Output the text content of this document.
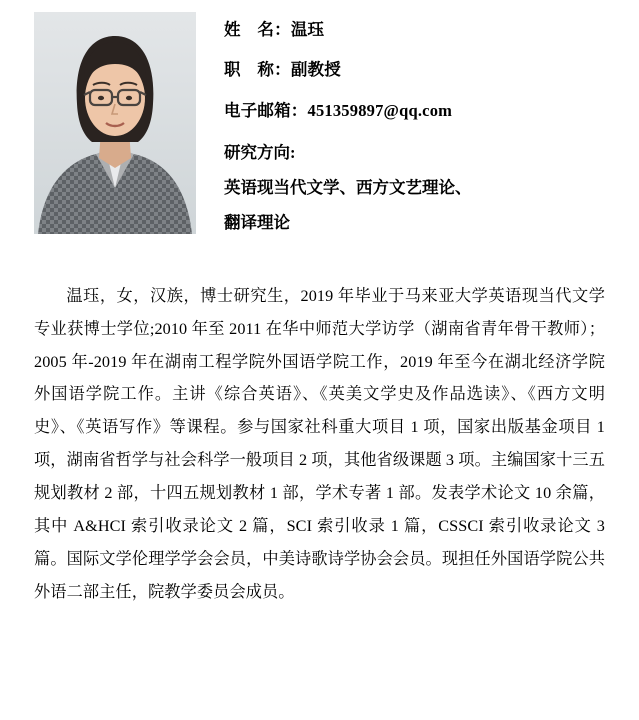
姓　名：温珏
职　称：副教授
电子邮箱：451359897@qq.com
研究方向:
英语现当代文学、西方文艺理论、
翻译理论
温珏，女，汉族，博士研究生，2019 年毕业于马来亚大学英语现当代文学专业获博士学位;2010 年至 2011 在华中师范大学访学（湖南省青年骨干教师）；2005 年-2019 年在湖南工程学院外国语学院工作，2019 年至今在湖北经济学院外国语学院工作。主讲《综合英语》、《英美文学史及作品选读》、《西方文明史》、《英语写作》等课程。参与国家社科重大项目 1 项，国家出版基金项目 1 项，湖南省哲学与社会科学一般项目 2 项，其他省级课题 3 项。主编国家十三五规划教材 2 部，十四五规划教材 1 部，学术专著 1 部。发表学术论文 10 余篇，其中 A&HCI 索引收录论文 2 篇，SCI 索引收录 1 篇，CSSCI 索引收录论文 3 篇。国际文学伦理学学会会员，中美诗歌诗学协会会员。现担任外国语学院公共外语二部主任，院教学委员会成员。
